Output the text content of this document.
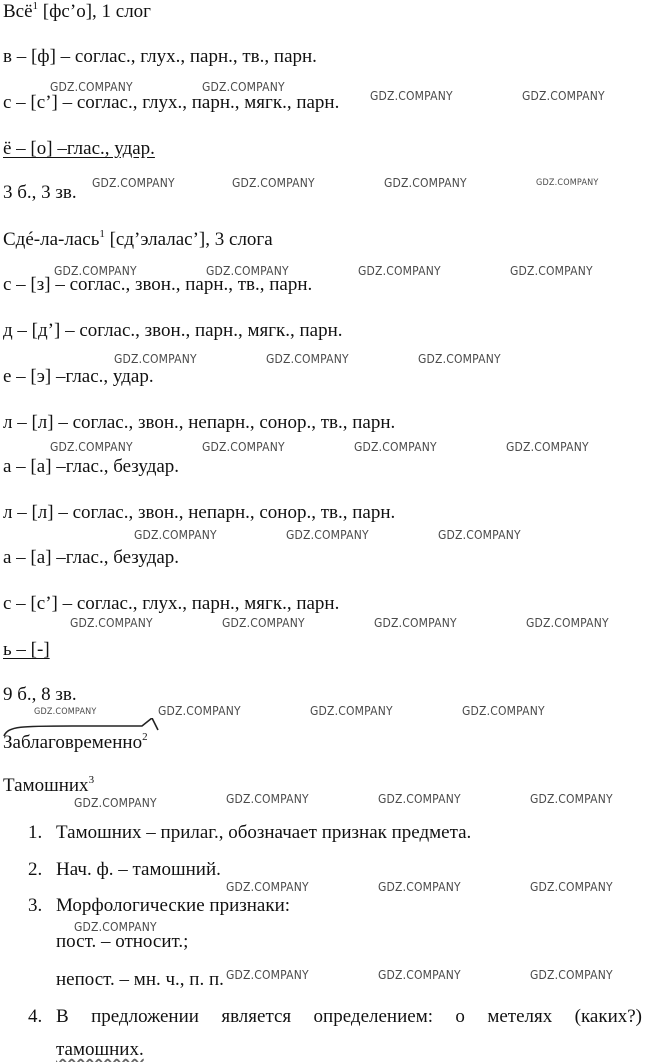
Всё$^1$ [фс’о], 1 слог
в – [ф] – соглас., глух., парн., тв., парн.
с – [с’] – соглас., глух., парн., мягк., парн.
ё – [о] –глас., удар.
3 б., 3 зв.
Сдé-ла-лась$^1$ [сд’элалас’], 3 слога
с – [з] – соглас., звон., парн., тв., парн.
д – [д’] – соглас., звон., парн., мягк., парн.
е – [э] –глас., удар.
л – [л] – соглас., звон., непарн., сонор., тв., парн.
а – [а] –глас., безудар.
л – [л] – соглас., звон., непарн., сонор., тв., парн.
а – [а] –глас., безудар.
с – [с’] – соглас., глух., парн., мягк., парн.
ь – [-]
9 б., 8 зв.
Заблаговременно$^2$
Тамошних$^3$
1. Тамошних – прилаг., обозначает признак предмета.
2. Нач. ф. – тамошний.
3. Морфологические признаки:
пост. – относит.;
непост. – мн. ч., п. п.
4. В предложении является определением: о метелях (каких?)
тамошних.
GDZ.COMPANY	GDZ.COMPANY
GDZ.COMPANY	GDZ.COMPANY
GDZ.COMPANY	GDZ.COMPANY	GDZ.COMPANY	GDZ.COMPANY
GDZ.COMPANY	GDZ.COMPANY	GDZ.COMPANY	GDZ.COMPANY
GDZ.COMPANY	GDZ.COMPANY	GDZ.COMPANY
GDZ.COMPANY	GDZ.COMPANY	GDZ.COMPANY	GDZ.COMPANY
GDZ.COMPANY	GDZ.COMPANY	GDZ.COMPANY
GDZ.COMPANY	GDZ.COMPANY	GDZ.COMPANY	GDZ.COMPANY
GDZ.COMPANY	GDZ.COMPANY	GDZ.COMPANY	GDZ.COMPANY
GDZ.COMPANY	GDZ.COMPANY	GDZ.COMPANY	GDZ.COMPANY
GDZ.COMPANY	GDZ.COMPANY	GDZ.COMPANY
GDZ.COMPANY
GDZ.COMPANY	GDZ.COMPANY	GDZ.COMPANY
